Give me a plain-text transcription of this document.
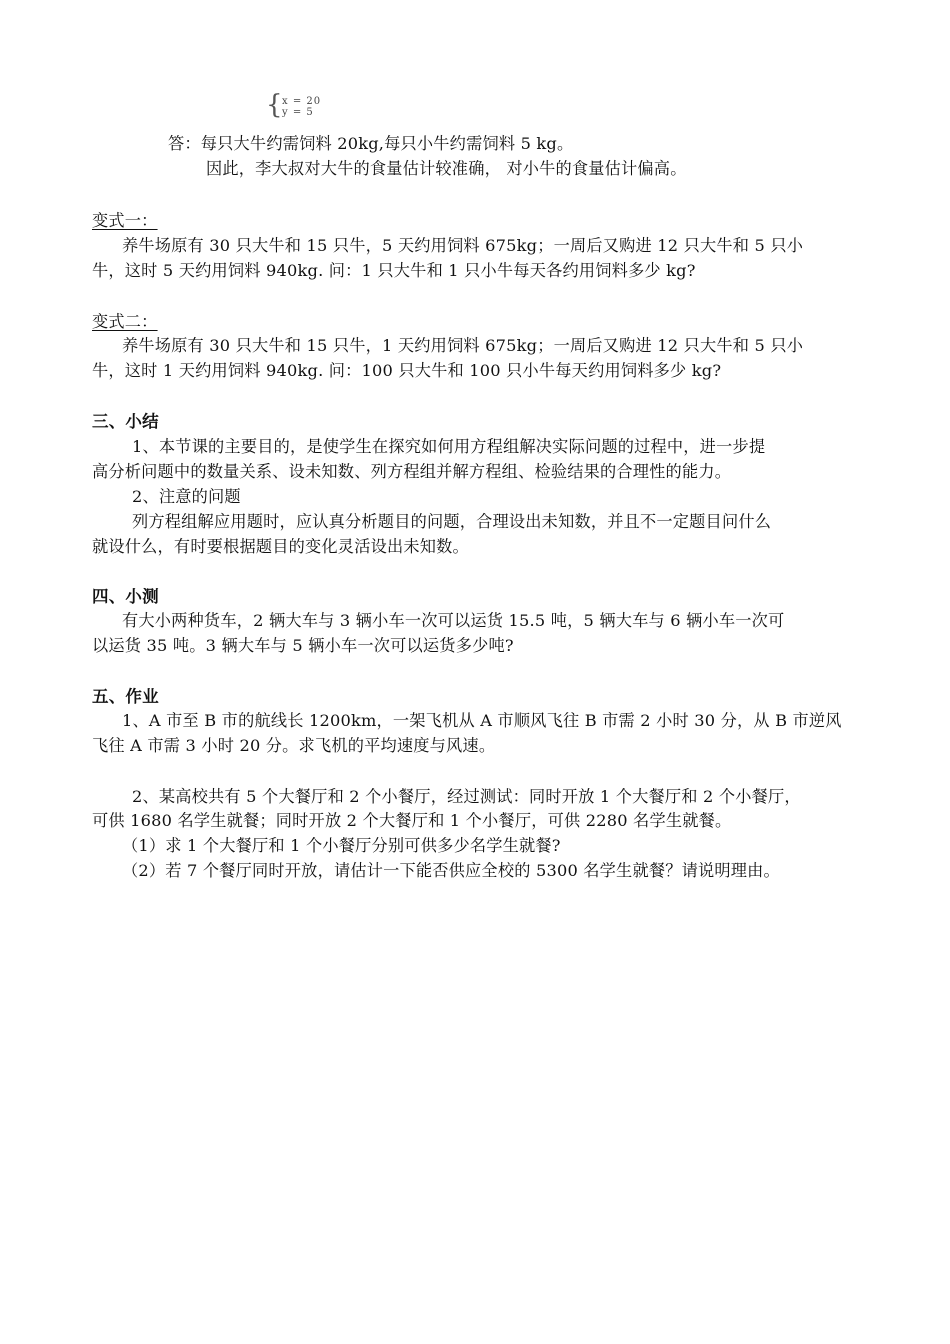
{ x = 20
y = 5
答：每只大牛约需饲料 20kg,每只小牛约需饲料 5 kg。
因此，李大叔对大牛的食量估计较准确， 对小牛的食量估计偏高。
变式一：
养牛场原有 30 只大牛和 15 只牛，5 天约用饲料 675kg；一周后又购进 12 只大牛和 5 只小
牛，这时 5 天约用饲料 940kg. 问：1 只大牛和 1 只小牛每天各约用饲料多少 kg?
变式二：
养牛场原有 30 只大牛和 15 只牛，1 天约用饲料 675kg；一周后又购进 12 只大牛和 5 只小
牛，这时 1 天约用饲料 940kg. 问：100 只大牛和 100 只小牛每天约用饲料多少 kg?
三、小结
1、本节课的主要目的，是使学生在探究如何用方程组解决实际问题的过程中，进一步提
高分析问题中的数量关系、设未知数、列方程组并解方程组、检验结果的合理性的能力。
2、注意的问题
列方程组解应用题时，应认真分析题目的问题，合理设出未知数，并且不一定题目问什么
就设什么，有时要根据题目的变化灵活设出未知数。
四、小测
有大小两种货车，2 辆大车与 3 辆小车一次可以运货 15.5 吨，5 辆大车与 6 辆小车一次可
以运货 35 吨。3 辆大车与 5 辆小车一次可以运货多少吨?
五、作业
1、A 市至 B 市的航线长 1200km，一架飞机从 A 市顺风飞往 B 市需 2 小时 30 分，从 B 市逆风
飞往 A 市需 3 小时 20 分。求飞机的平均速度与风速。
2、某高校共有 5 个大餐厅和 2 个小餐厅，经过测试：同时开放 1 个大餐厅和 2 个小餐厅，
可供 1680 名学生就餐；同时开放 2 个大餐厅和 1 个小餐厅，可供 2280 名学生就餐。
（1）求 1 个大餐厅和 1 个小餐厅分别可供多少名学生就餐?
（2）若 7 个餐厅同时开放，请估计一下能否供应全校的 5300 名学生就餐？请说明理由。
